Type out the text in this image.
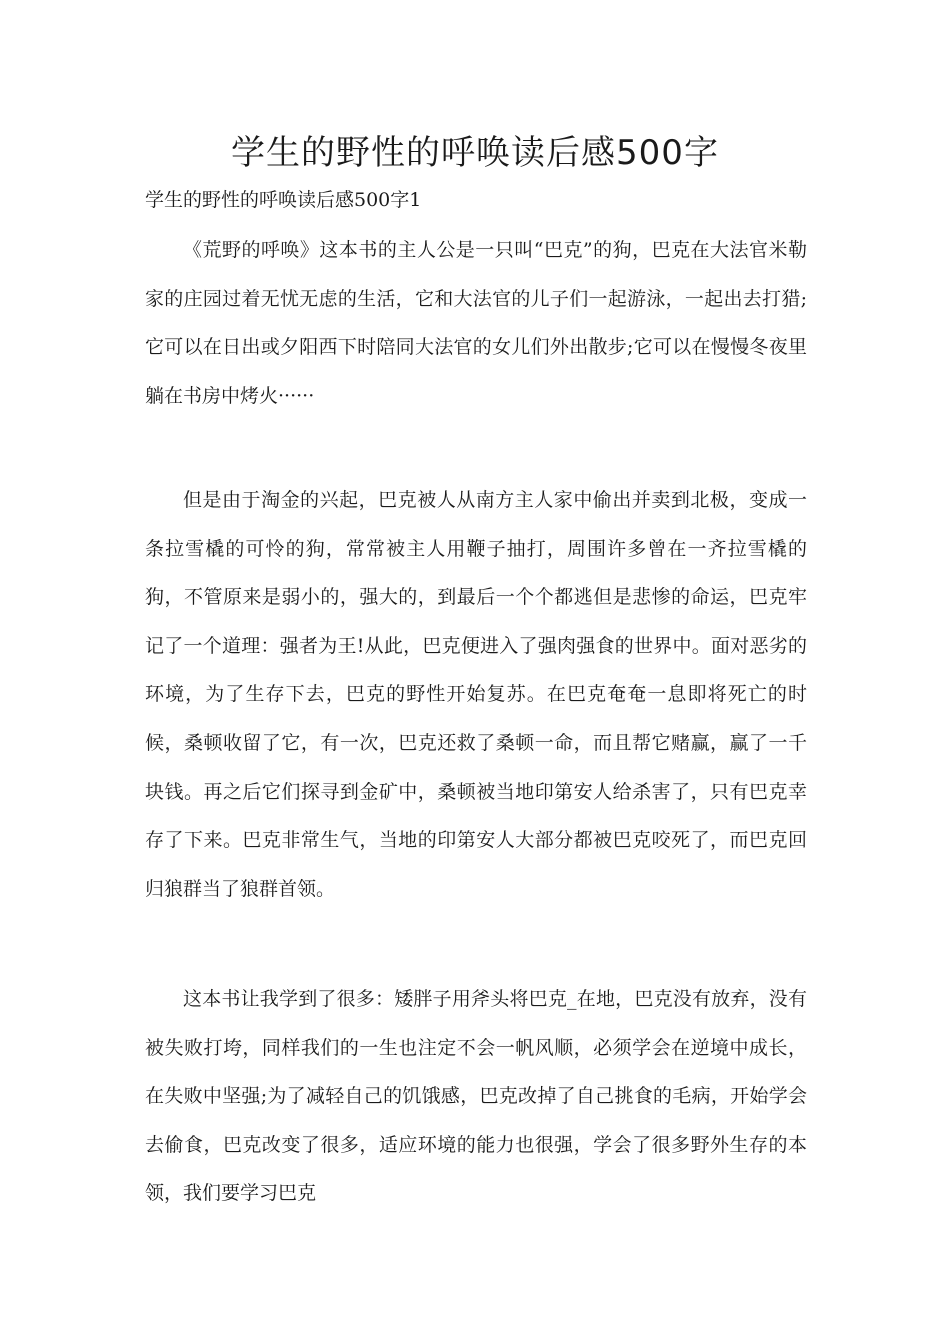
学生的野性的呼唤读后感500字

学生的野性的呼唤读后感500字1

《荒野的呼唤》这本书的主人公是一只叫“巴克”的狗，巴克在大法官米勒家的庄园过着无忧无虑的生活，它和大法官的儿子们一起游泳，一起出去打猎;它可以在日出或夕阳西下时陪同大法官的女儿们外出散步;它可以在慢慢冬夜里躺在书房中烤火······

但是由于淘金的兴起，巴克被人从南方主人家中偷出并卖到北极，变成一条拉雪橇的可怜的狗，常常被主人用鞭子抽打，周围许多曾在一齐拉雪橇的狗，不管原来是弱小的，强大的，到最后一个个都逃但是悲惨的命运，巴克牢记了一个道理：强者为王!从此，巴克便进入了强肉强食的世界中。面对恶劣的环境，为了生存下去，巴克的野性开始复苏。在巴克奄奄一息即将死亡的时候，桑顿收留了它，有一次，巴克还救了桑顿一命，而且帮它赌赢，赢了一千块钱。再之后它们探寻到金矿中，桑顿被当地印第安人给杀害了，只有巴克幸存了下来。巴克非常生气，当地的印第安人大部分都被巴克咬死了，而巴克回归狼群当了狼群首领。

这本书让我学到了很多：矮胖子用斧头将巴克_在地，巴克没有放弃，没有被失败打垮，同样我们的一生也注定不会一帆风顺，必须学会在逆境中成长，在失败中坚强;为了减轻自己的饥饿感，巴克改掉了自己挑食的毛病，开始学会去偷食，巴克改变了很多，适应环境的能力也很强，学会了很多野外生存的本领，我们要学习巴克
